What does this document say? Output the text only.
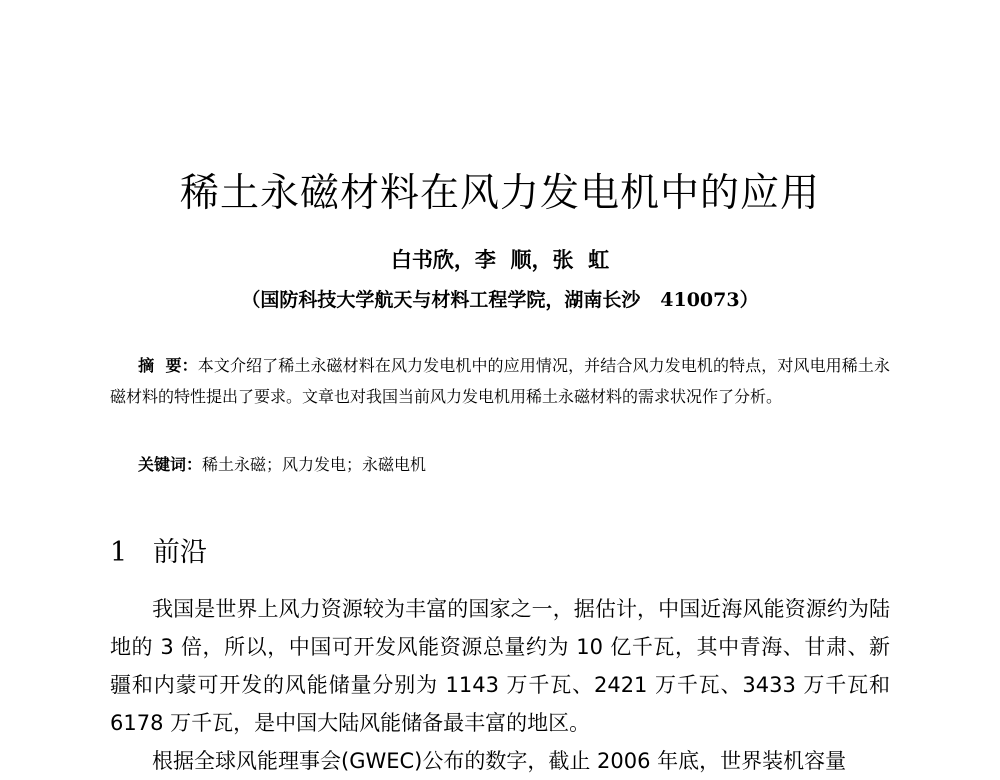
稀土永磁材料在风力发电机中的应用
白书欣，李  顺，张  虹
（国防科技大学航天与材料工程学院，湖南长沙   410073）
摘  要：本文介绍了稀土永磁材料在风力发电机中的应用情况，并结合风力发电机的特点，对风电用稀土永磁材料的特性提出了要求。文章也对我国当前风力发电机用稀土永磁材料的需求状况作了分析。
关键词：稀土永磁；风力发电；永磁电机
1   前沿

我国是世界上风力资源较为丰富的国家之一，据估计，中国近海风能资源约为陆地的 3 倍，所以，中国可开发风能资源总量约为 10 亿千瓦，其中青海、甘肃、新疆和内蒙可开发的风能储量分别为 1143 万千瓦、2421 万千瓦、3433 万千瓦和 6178 万千瓦，是中国大陆风能储备最丰富的地区。

根据全球风能理事会(GWEC)公布的数字，截止 2006 年底，世界装机容量
